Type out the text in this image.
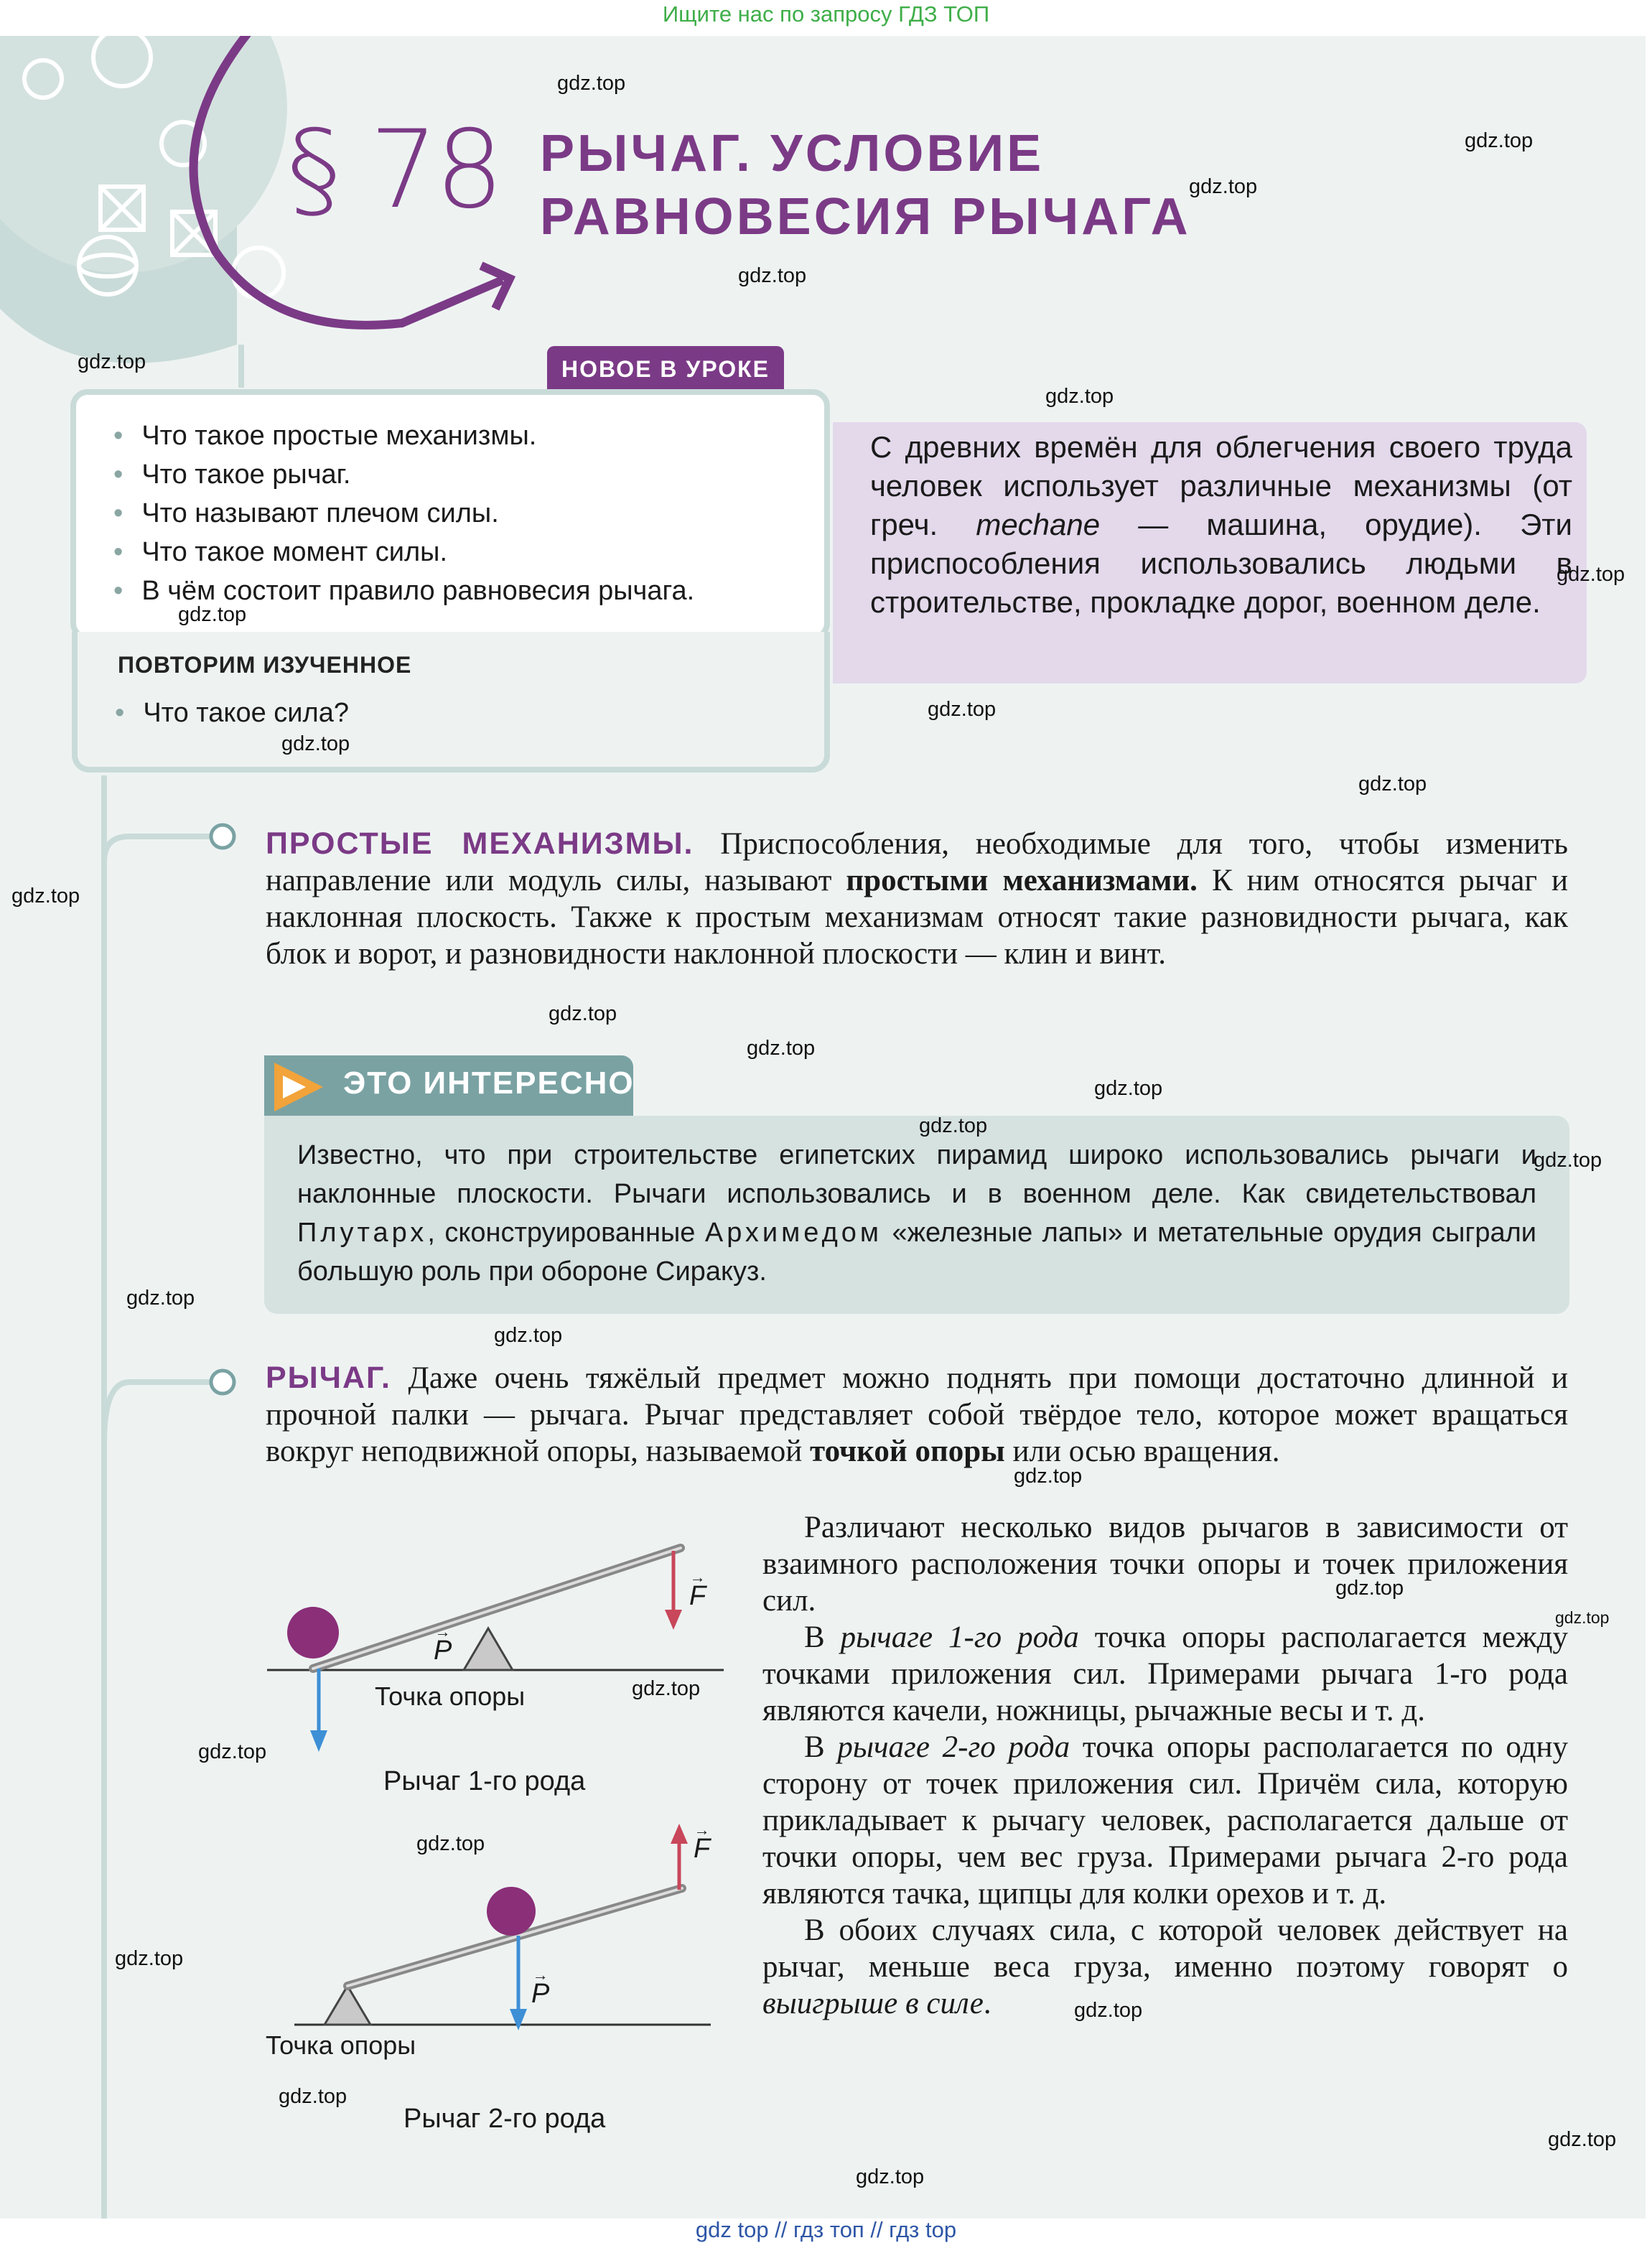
Ищите нас по запросу ГДЗ ТОП
§ 78 РЫЧАГ. УСЛОВИЕ
РАВНОВЕСИЯ РЫЧАГА
НОВОЕ В УРОКЕ
• Что такое простые механизмы.
• Что такое рычаг.
• Что называют плечом силы.
• Что такое момент силы.
• В чём состоит правило равновесия рычага.
ПОВТОРИМ ИЗУЧЕННОЕ
• Что такое сила?
С древних времён для облегчения своего труда человек использует различные механизмы (от греч. mechane — машина, орудие). Эти приспособления использовались людьми в строительстве, прокладке дорог, военном деле.
ПРОСТЫЕ МЕХАНИЗМЫ. Приспособления, необходимые для того, чтобы изменить направление или модуль силы, называют простыми механизмами. К ним относятся рычаг и наклонная плоскость. Также к простым механизмам относят такие разновидности рычага, как блок и ворот, и разновидности наклонной плоскости — клин и винт.
ЭТО ИНТЕРЕСНО
Известно, что при строительстве египетских пирамид широко использовались рычаги и наклонные плоскости. Рычаги использовались и в военном деле. Как свидетельствовал Плутарх, сконструированные Архимедом «железные лапы» и метательные орудия сыграли большую роль при обороне Сиракуз.
РЫЧАГ. Даже очень тяжёлый предмет можно поднять при помощи достаточно длинной и прочной палки — рычага. Рычаг представляет собой твёрдое тело, которое может вращаться вокруг неподвижной опоры, называемой точкой опоры или осью вращения.
Различают несколько видов рычагов в зависимости от взаимного расположения точки опоры и точек приложения сил.
В рычаге 1-го рода точка опоры располагается между точками приложения сил. Примерами рычага 1-го рода являются качели, ножницы, рычажные весы и т. д.
В рычаге 2-го рода точка опоры располагается по одну сторону от точек приложения сил. Причём сила, которую прикладывает к рычагу человек, располагается дальше от точки опоры, чем вес груза. Примерами рычага 2-го рода являются тачка, щипцы для колки орехов и т. д.
В обоих случаях сила, с которой человек действует на рычаг, меньше веса груза, именно поэтому говорят о выигрыше в силе.
→
P
→
F
Точка опоры
Рычаг 1-го рода
→
P
→
F
Точка опоры
Рычаг 2-го рода
gdz.top
gdz.top
gdz.top
gdz.top
gdz.top
gdz.top
gdz.top
gdz.top
gdz.top
gdz.top
gdz.top
gdz.top
gdz.top
gdz.top
gdz.top
gdz.top
gdz.top
gdz.top
gdz.top
gdz.top
gdz.top
gdz.top
gdz.top
gdz.top
gdz.top
gdz.top
gdz.top
gdz.top
gdz.top
gdz.top
gdz top // гдз топ // гдз top
